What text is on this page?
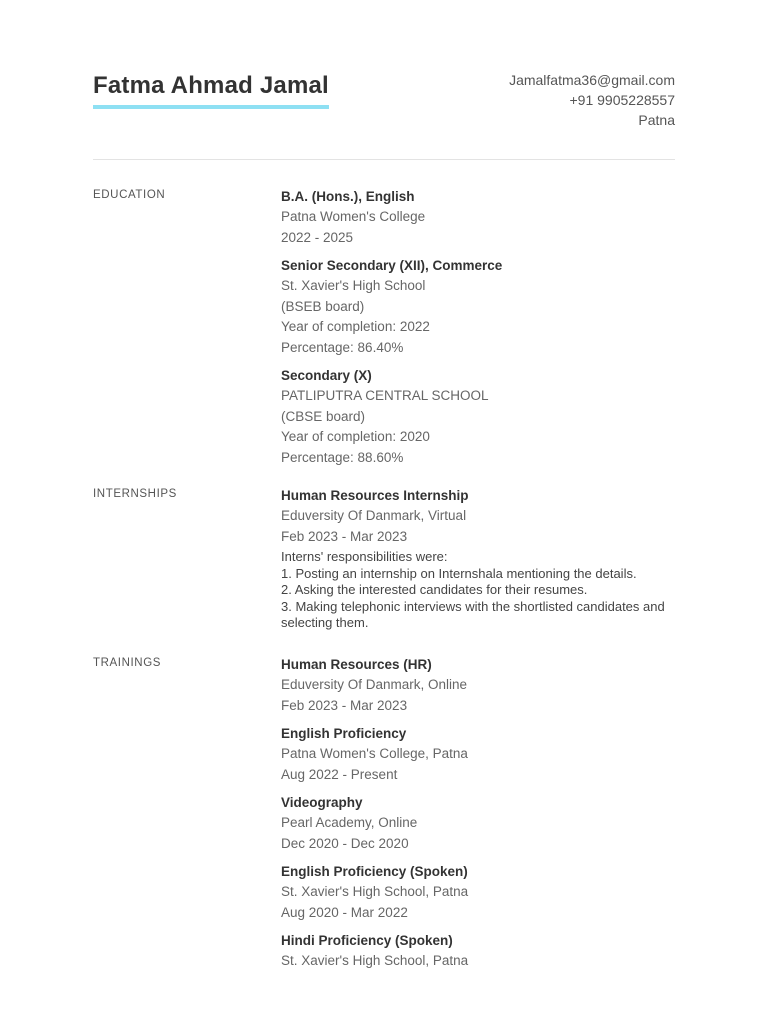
Fatma Ahmad Jamal	Jamalfatma36@gmail.com
+91 9905228557
Patna
EDUCATION	B.A. (Hons.), English
Patna Women's College
2022 - 2025
Senior Secondary (XII), Commerce
St. Xavier's High School
(BSEB board)
Year of completion: 2022
Percentage: 86.40%
Secondary (X)
PATLIPUTRA CENTRAL SCHOOL
(CBSE board)
Year of completion: 2020
Percentage: 88.60%
INTERNSHIPS	Human Resources Internship
Eduversity Of Danmark, Virtual
Feb 2023 - Mar 2023
Interns' responsibilities were:
1. Posting an internship on Internshala mentioning the details.
2. Asking the interested candidates for their resumes.
3. Making telephonic interviews with the shortlisted candidates and selecting them.
TRAININGS	Human Resources (HR)
Eduversity Of Danmark, Online
Feb 2023 - Mar 2023
English Proficiency
Patna Women's College, Patna
Aug 2022 - Present
Videography
Pearl Academy, Online
Dec 2020 - Dec 2020
English Proficiency (Spoken)
St. Xavier's High School, Patna
Aug 2020 - Mar 2022
Hindi Proficiency (Spoken)
St. Xavier's High School, Patna
